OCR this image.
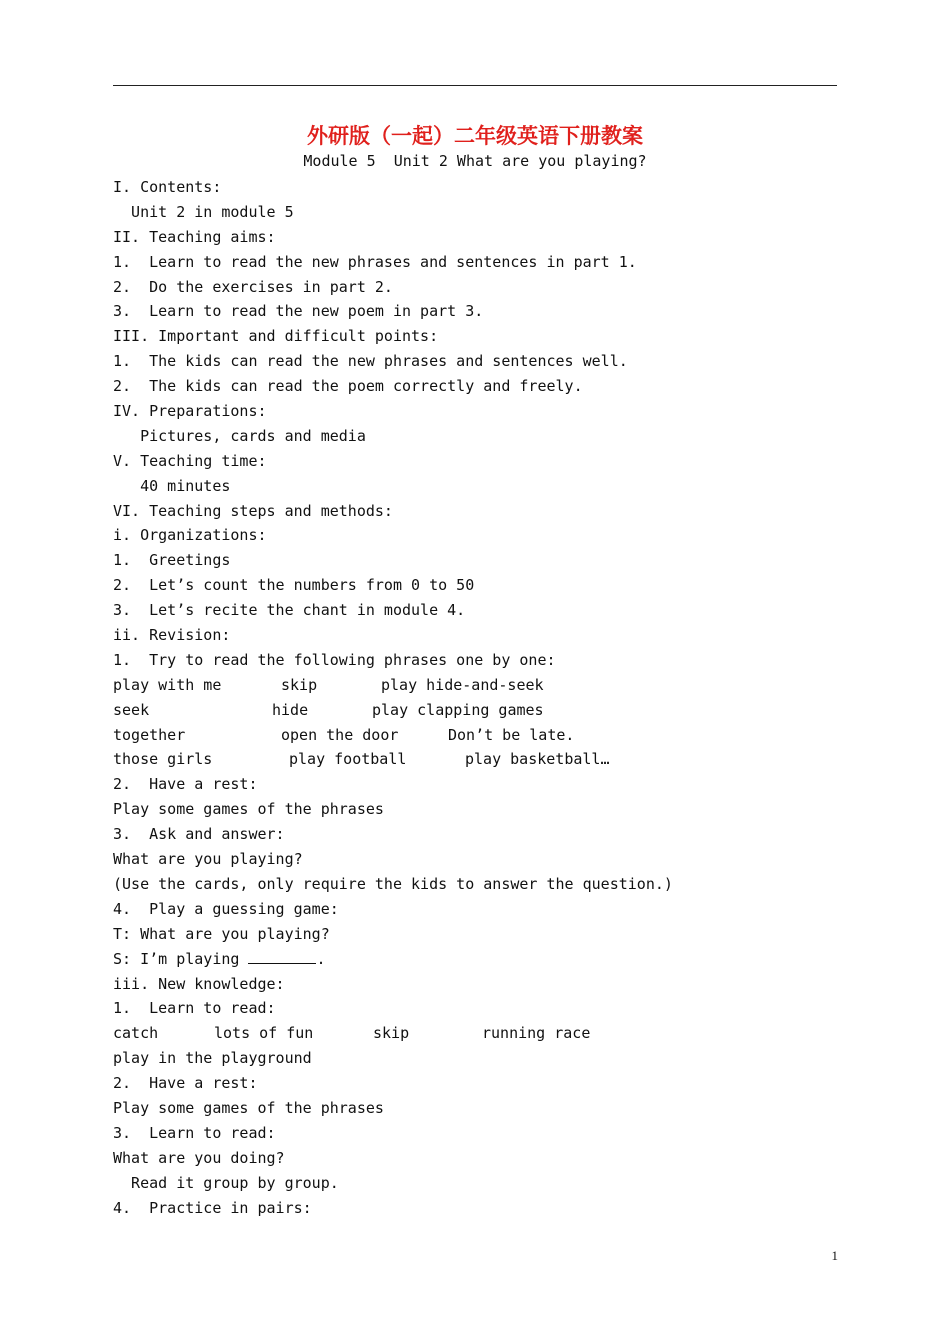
外研版（一起）二年级英语下册教案
Module 5  Unit 2 What are you playing?
I. Contents:
Unit 2 in module 5
II. Teaching aims:
1.  Learn to read the new phrases and sentences in part 1.
2.  Do the exercises in part 2.
3.  Learn to read the new poem in part 3.
III. Important and difficult points:
1.  The kids can read the new phrases and sentences well.
2.  The kids can read the poem correctly and freely.
IV. Preparations:
Pictures, cards and media
V. Teaching time:
40 minutes
VI. Teaching steps and methods:
i. Organizations:
1.  Greetings
2.  Let’s count the numbers from 0 to 50
3.  Let’s recite the chant in module 4.
ii. Revision:
1.  Try to read the following phrases one by one:
play with me	skip	play hide-and-seek
seek	hide	play clapping games
together	open the door	Don’t be late.
those girls	play football	play basketball…
2.  Have a rest:
Play some games of the phrases
3.  Ask and answer:
What are you playing?
(Use the cards, only require the kids to answer the question.)
4.  Play a guessing game:
T: What are you playing?
S: I’m playing	.
iii. New knowledge:
1.  Learn to read:
catch	lots of fun	skip	running race
play in the playground
2.  Have a rest:
Play some games of the phrases
3.  Learn to read:
What are you doing?
Read it group by group.
4.  Practice in pairs:
1
